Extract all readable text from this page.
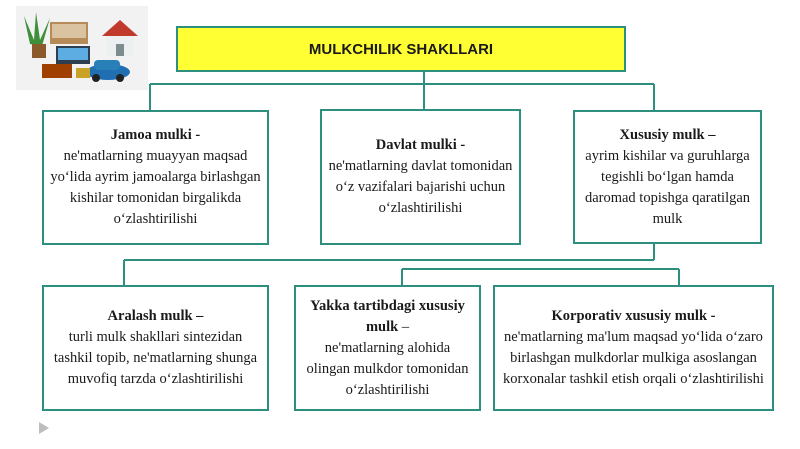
MULKCHILIK SHAKLLARI
Jamoa mulki -
ne'matlarning muayyan maqsad yo‘lida ayrim jamoalarga birlashgan kishilar tomonidan birgalikda o‘zlashtirilishi
Davlat mulki -
ne'matlarning davlat tomonidan o‘z vazifalari bajarishi uchun o‘zlashtirilishi
Xususiy mulk –
ayrim kishilar va guruhlarga tegishli bo‘lgan hamda daromad topishga qaratilgan mulk
Aralash mulk –
turli mulk shakllari sintezidan tashkil topib, ne'matlarning shunga muvofiq tarzda o‘zlashtirilishi
Yakka tartibdagi xususiy mulk –
ne'matlarning alohida olingan mulkdor tomonidan o‘zlashtirilishi
Korporativ xususiy mulk -
ne'matlarning ma'lum maqsad yo‘lida o‘zaro birlashgan mulkdorlar mulkiga asoslangan korxonalar tashkil etish orqali o‘zlashtirilishi
